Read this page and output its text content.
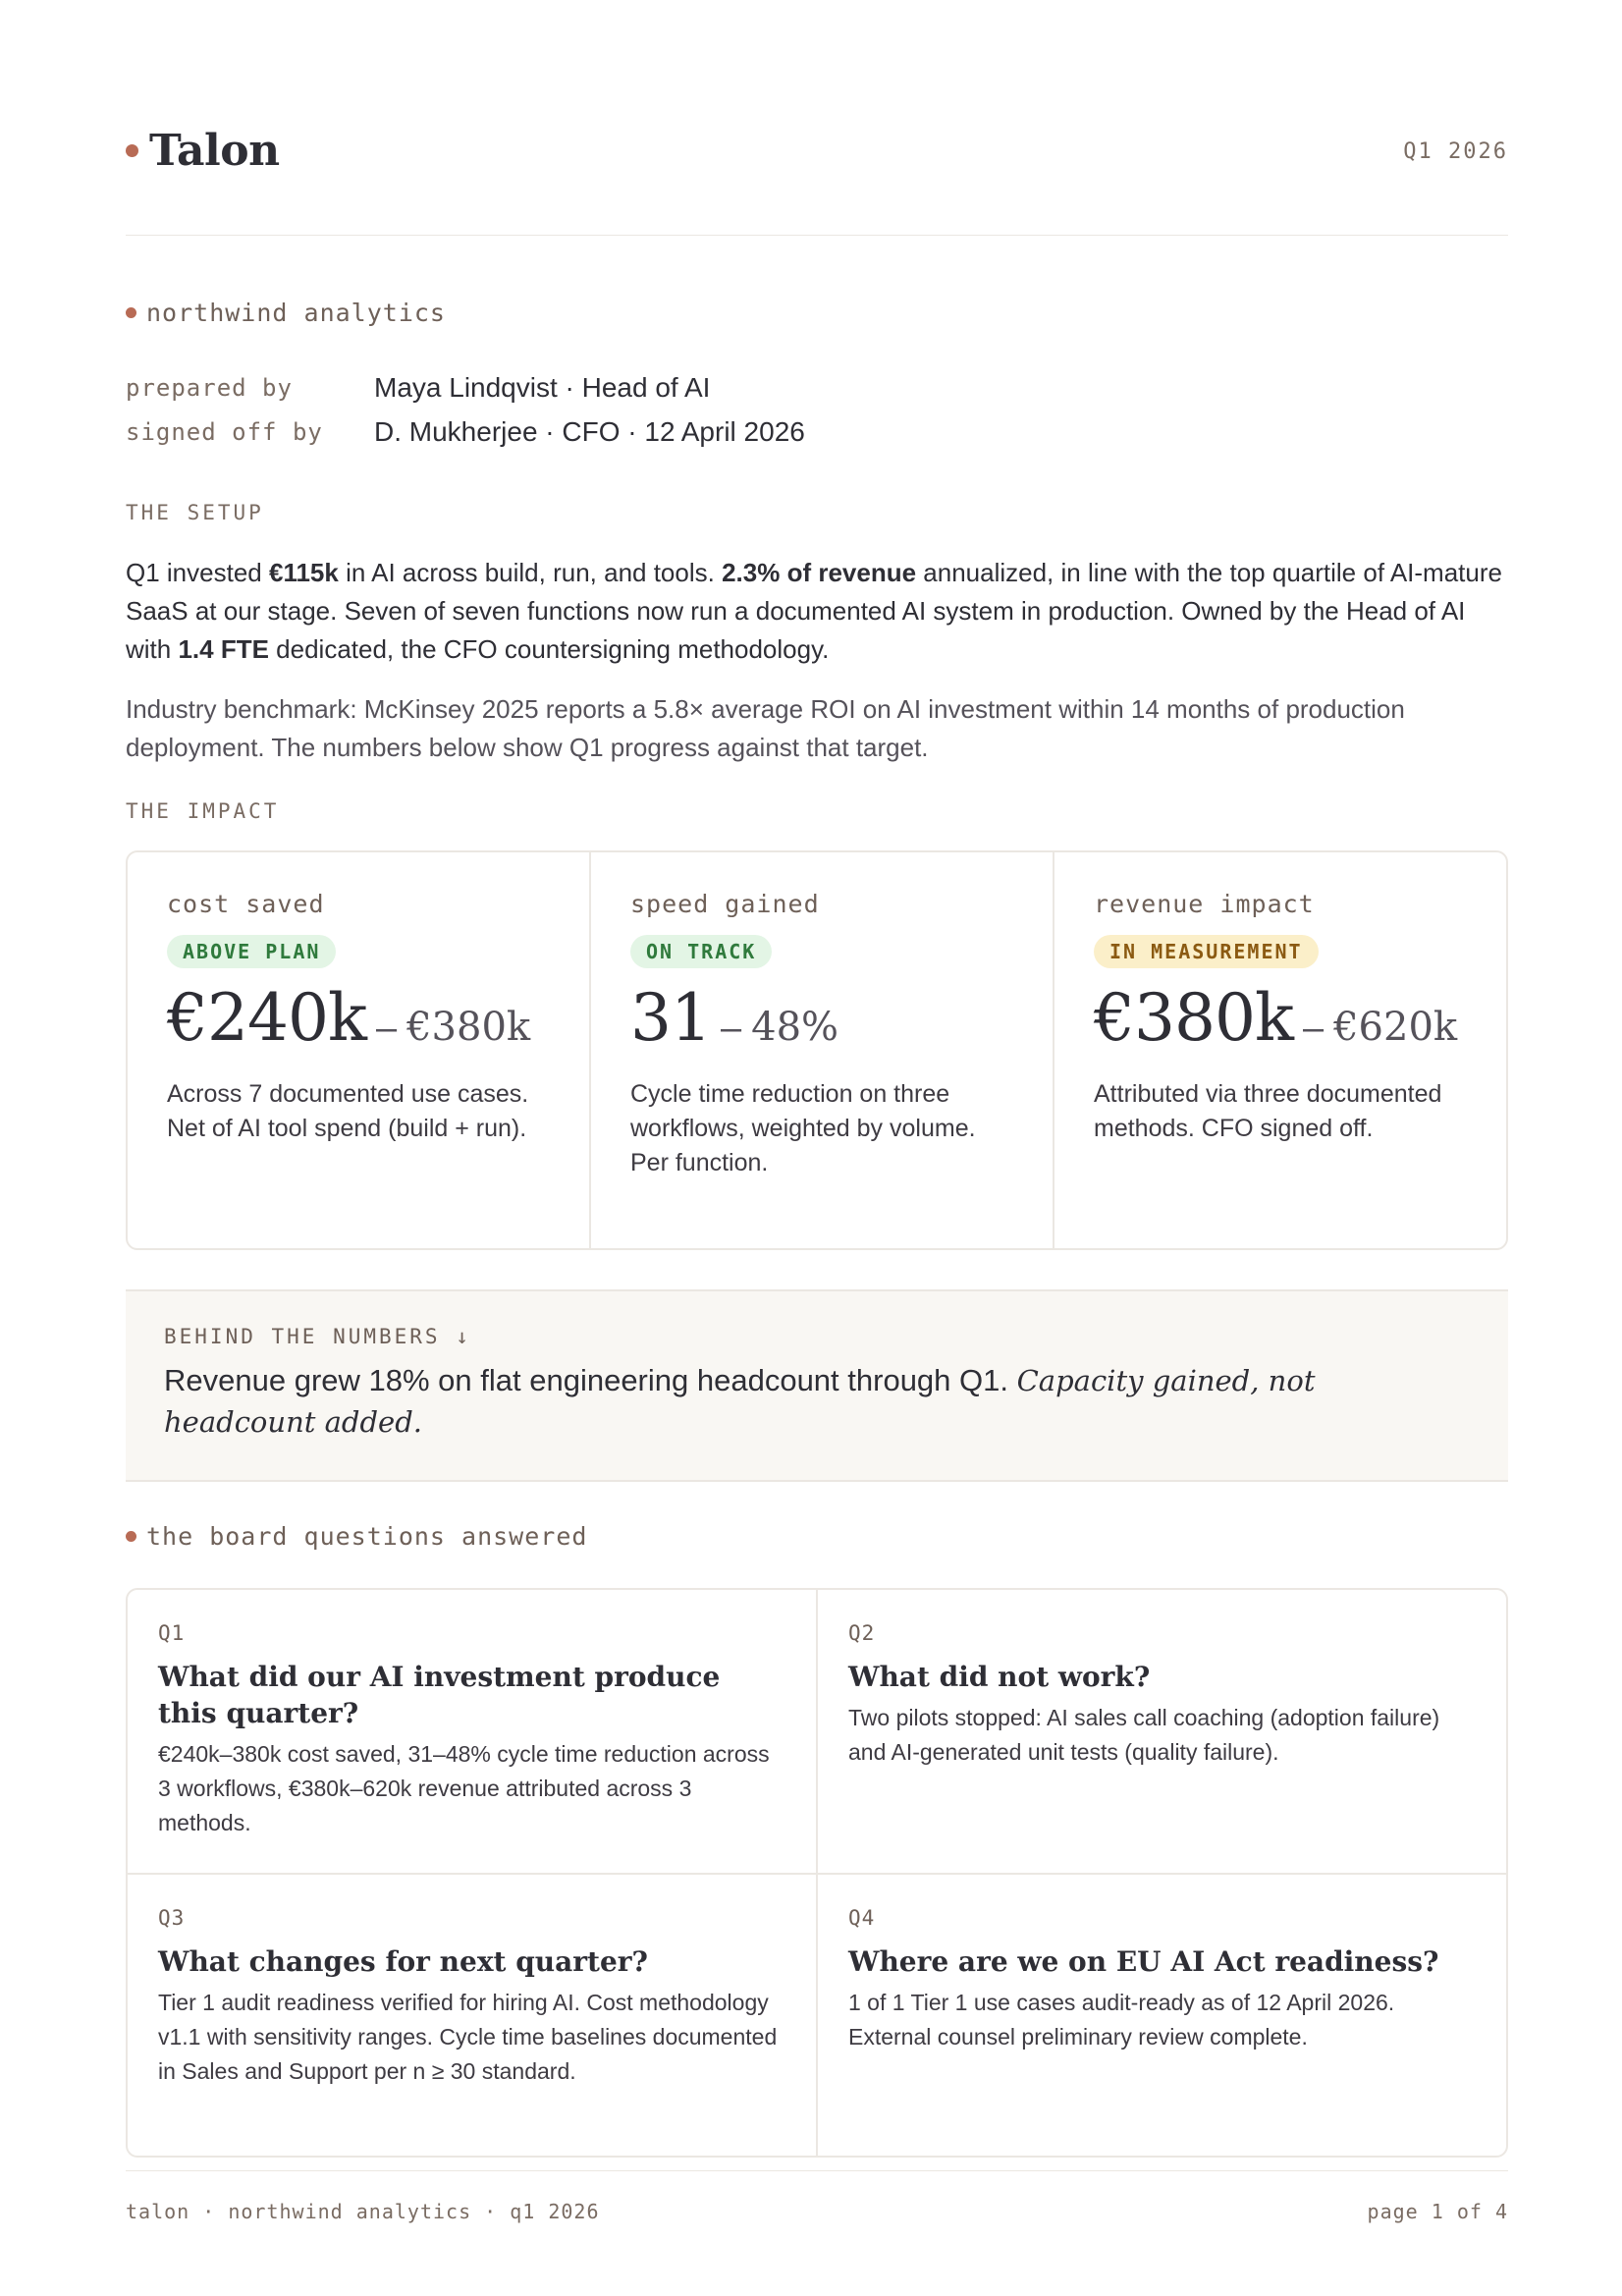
Talon	Q1 2026
northwind analytics
prepared by	Maya Lindqvist · Head of AI
signed off by	D. Mukherjee · CFO · 12 April 2026
THE SETUP

Q1 invested €115k in AI across build, run, and tools. 2.3% of revenue annualized, in line with the top quartile of AI-mature SaaS at our stage. Seven of seven functions now run a documented AI system in production. Owned by the Head of AI with 1.4 FTE dedicated, the CFO countersigning methodology.

Industry benchmark: McKinsey 2025 reports a 5.8× average ROI on AI investment within 14 months of production deployment. The numbers below show Q1 progress against that target.

THE IMPACT
cost saved
ABOVE PLAN
€240k – €380k
Across 7 documented use cases. Net of AI tool spend (build + run).
speed gained
ON TRACK
31 – 48%
Cycle time reduction on three workflows, weighted by volume. Per function.
revenue impact
IN MEASUREMENT
€380k – €620k
Attributed via three documented methods. CFO signed off.
BEHIND THE NUMBERS ↓

Revenue grew 18% on flat engineering headcount through Q1. Capacity gained, not headcount added.

the board questions answered
Q1
What did our AI investment produce this quarter?
€240k–380k cost saved, 31–48% cycle time reduction across 3 workflows, €380k–620k revenue attributed across 3 methods.
Q2
What did not work?
Two pilots stopped: AI sales call coaching (adoption failure) and AI-generated unit tests (quality failure).
Q3
What changes for next quarter?
Tier 1 audit readiness verified for hiring AI. Cost methodology v1.1 with sensitivity ranges. Cycle time baselines documented in Sales and Support per n ≥ 30 standard.
Q4
Where are we on EU AI Act readiness?
1 of 1 Tier 1 use cases audit-ready as of 12 April 2026. External counsel preliminary review complete.
talon · northwind analytics · q1 2026	page 1 of 4
